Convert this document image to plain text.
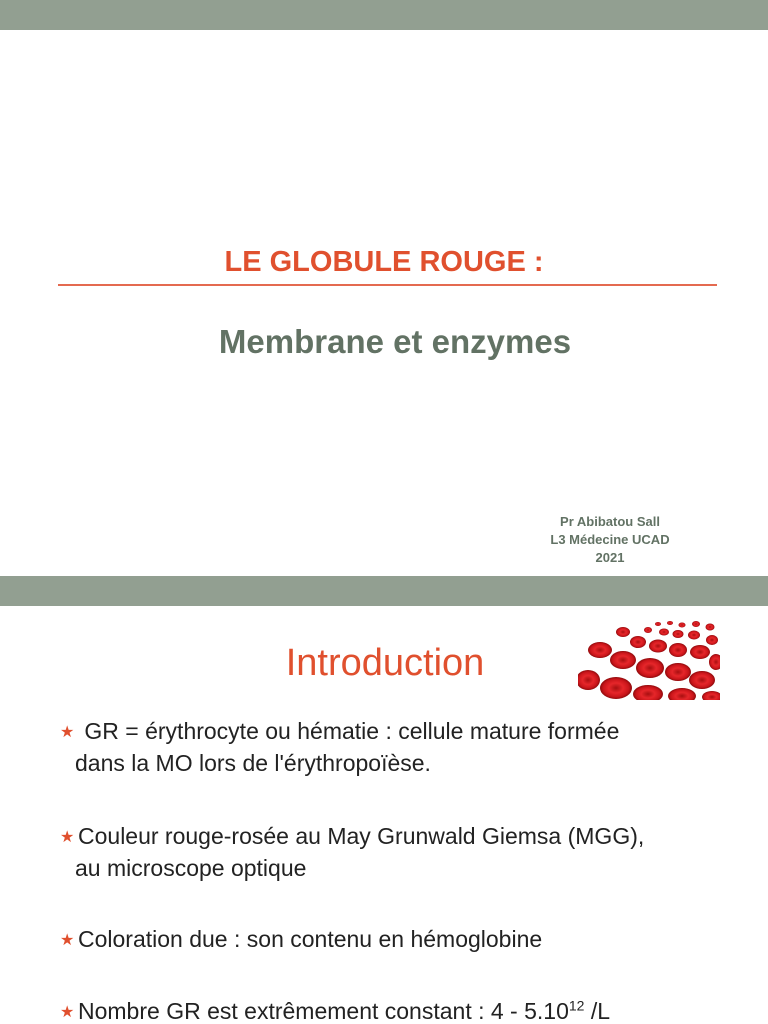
LE GLOBULE ROUGE :
Membrane et enzymes
Pr Abibatou Sall
L3 Médecine UCAD
2021
Introduction
★ GR = érythrocyte ou hématie : cellule mature formée
dans la MO lors de l'érythropoïèse.
★ Couleur rouge-rosée au May Grunwald Giemsa (MGG),
au microscope optique
★ Coloration due : son contenu en hémoglobine
★ Nombre GR est extrêmement constant : 4 - 5.10$^{12}$ /L
